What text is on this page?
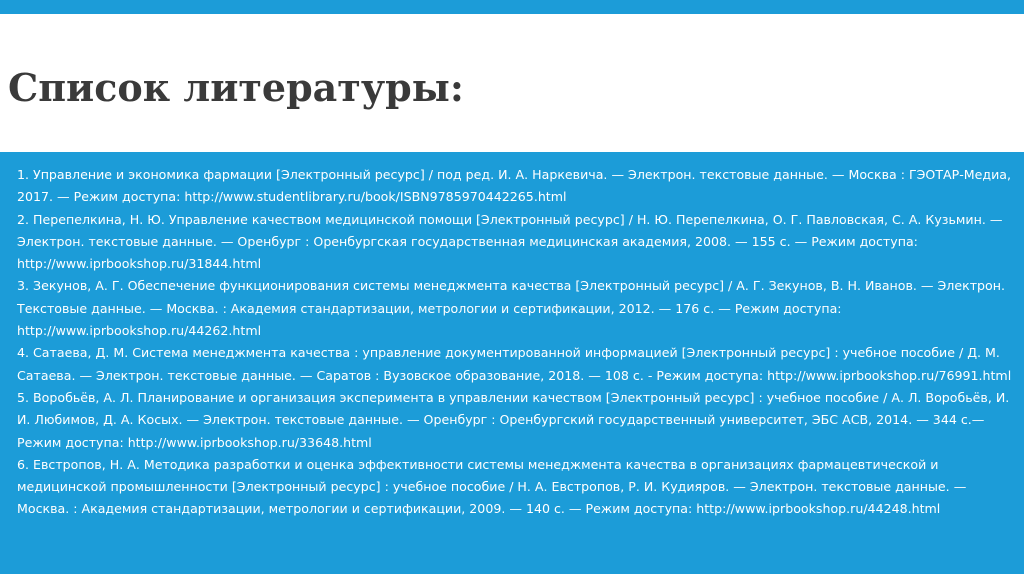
Список литературы:
1. Управление и экономика фармации [Электронный ресурс] / под ред. И. А. Наркевича. — Электрон. текстовые данные. — Москва : ГЭОТАР-Медиа, 2017. — Режим доступа: http://www.studentlibrary.ru/book/ISBN9785970442265.html
2. Перепелкина, Н. Ю. Управление качеством медицинской помощи [Электронный ресурс] / Н. Ю. Перепелкина, О. Г. Павловская, С. А. Кузьмин. — Электрон. текстовые данные. — Оренбург : Оренбургская государственная медицинская академия, 2008. — 155 c. — Режим доступа: http://www.iprbookshop.ru/31844.html
3. Зекунов, А. Г. Обеспечение функционирования системы менеджмента качества [Электронный ресурс] / А. Г. Зекунов, В. Н. Иванов. — Электрон. Текстовые данные. — Москва. : Академия стандартизации, метрологии и сертификации, 2012. — 176 c. — Режим доступа: http://www.iprbookshop.ru/44262.html
4. Сатаева, Д. М. Система менеджмента качества : управление документированной информацией [Электронный ресурс] : учебное пособие / Д. М. Сатаева. — Электрон. текстовые данные. — Саратов : Вузовское образование, 2018. — 108 c. - Режим доступа: http://www.iprbookshop.ru/76991.html
5. Воробьёв, А. Л. Планирование и организация эксперимента в управлении качеством [Электронный ресурс] : учебное пособие / А. Л. Воробьёв, И. И. Любимов, Д. А. Косых. — Электрон. текстовые данные. — Оренбург : Оренбургский государственный университет, ЭБС АСВ, 2014. — 344 с.— Режим доступа: http://www.iprbookshop.ru/33648.html
6. Евстропов, Н. А. Методика разработки и оценка эффективности системы менеджмента качества в организациях фармацевтической и медицинской промышленности [Электронный ресурс] : учебное пособие / Н. А. Евстропов, Р. И. Кудияров. — Электрон. текстовые данные. — Москва. : Академия стандартизации, метрологии и сертификации, 2009. — 140 c. — Режим доступа: http://www.iprbookshop.ru/44248.html
